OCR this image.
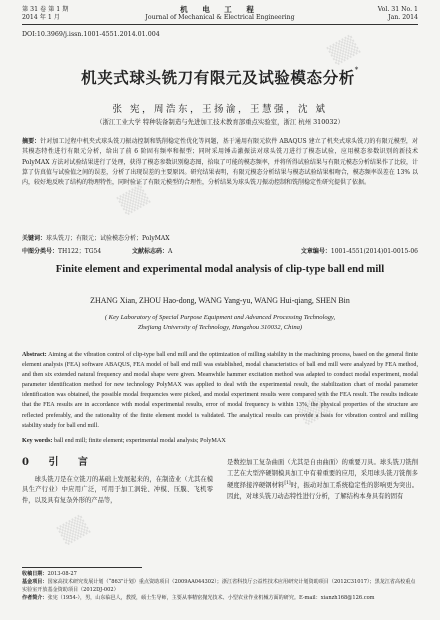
第 31 卷 第 1 期
2014 年 1 月
机 电 工 程
Journal of Mechanical & Electrical Engineering
Vol. 31 No. 1
Jan. 2014
DOI:10.3969/j.issn.1001-4551.2014.01.004
机夹式球头铣刀有限元及试验模态分析*
张 宪，周浩东，王扬渝，王慧强，沈 斌
（浙江工业大学 特种装备制造与先进加工技术教育部重点实验室，浙江 杭州 310032）
摘要：针对加工过程中机夹式球头铣刀振动控制和铣削稳定性优化等问题，基于通用有限元软件 ABAQUS 建立了机夹式球头铣刀的有限元模型，对其模态特性进行有限元分析，给出了前 6 阶固有频率和振型；同时采用锤击激振法对球头铣刀进行了模态试验，应用模态参数识别的新技术 PolyMAX 方法对试验结果进行了处理，获得了模态参数识别稳态图，拾取了可能的模态频率，并将所得试验结果与有限元模态分析结果作了比较，计算了仿真值与试验值之间的误差，分析了出现误差的主要原因。研究结果表明，有限元模态分析结果与模态试验结果相吻合，模态频率误差在 13% 以内，较好地反映了结构的物理特性，同时验证了有限元模型的合理性，分析结果为球头铣刀振动控制和铣削稳定性研究提供了依据。
关键词：球头铣刀；有限元；试验模态分析；PolyMAX
中图分类号：TH122；TG54	文献标志码：A	文章编号：1001-4551(2014)01-0015-06
Finite element and experimental modal analysis of clip-type ball end mill
ZHANG Xian, ZHOU Hao-dong, WANG Yang-yu, WANG Hui-qiang, SHEN Bin
( Key Laboratory of Special Purpose Equipment and Advanced Processing Technology,
Zhejiang University of Technology, Hangzhou 310032, China)
Abstract: Aiming at the vibration control of clip-type ball end mill and the optimization of milling stability in the machining process, based on the general finite element analysis (FEA) software ABAQUS, FEA model of ball end mill was established, modal characteristics of ball end mill were analyzed by FEA method, and then six extended natural frequency and modal shape were given. Meanwhile hammer excitation method was adapted to conduct modal experiment, modal parameter identification method for new technology PolyMAX was applied to deal with the experimental result, the stabilization chart of modal parameter identification was obtained, the possible modal frequencies were picked, and modal experiment results were compared with the FEA result. The results indicate that the FEA results are in accordance with modal experimental results, error of modal frequency is within 13%, the physical properties of the structure are reflected preferably, and the rationality of the finite element model is validated. The analytical results can provide a basis for vibration control and milling stability study for ball end mill.
Key words: ball end mill; finite element; experimental modal analysis; PolyMAX
0 引 言

球头铣刀是在立铣刀的基础上发展起来的，在制造业（尤其在模具生产行业）中应用广泛，可用于加工涡轮、冲模、压膜、飞机零件，以及具有复杂外形的产品等，

是数控加工复杂曲面（尤其是自由曲面）的重要刀具。球头铣刀铣削工艺在大型淬硬钢模具加工中有着重要的应用，采用球头铣刀铣削多硬度择接淬硬钢材料[1]时，振动对加工系统稳定性的影响更为突出。因此，对球头铣刀动态特性进行分析，了解结构本身具有的固有

收稿日期：2013-08-27
基金项目：国家高技术研究发展计划（“863”计划）重点资助项目（2009AA044302）；浙江省科技厅公益性技术应用研究计划资助项目（2012C31017）；黑龙江省高校重点实验室开放基金资助项目（2012DJ-002）
作者简介：张宪（1954-），男，山东临邑人，教授，硕士生导师，主要从事精密抛光技术、小型农业作业机械方面的研究。E-mail：xianzh168@126.com
▒▒
▒▒
▒▒
▒▒
